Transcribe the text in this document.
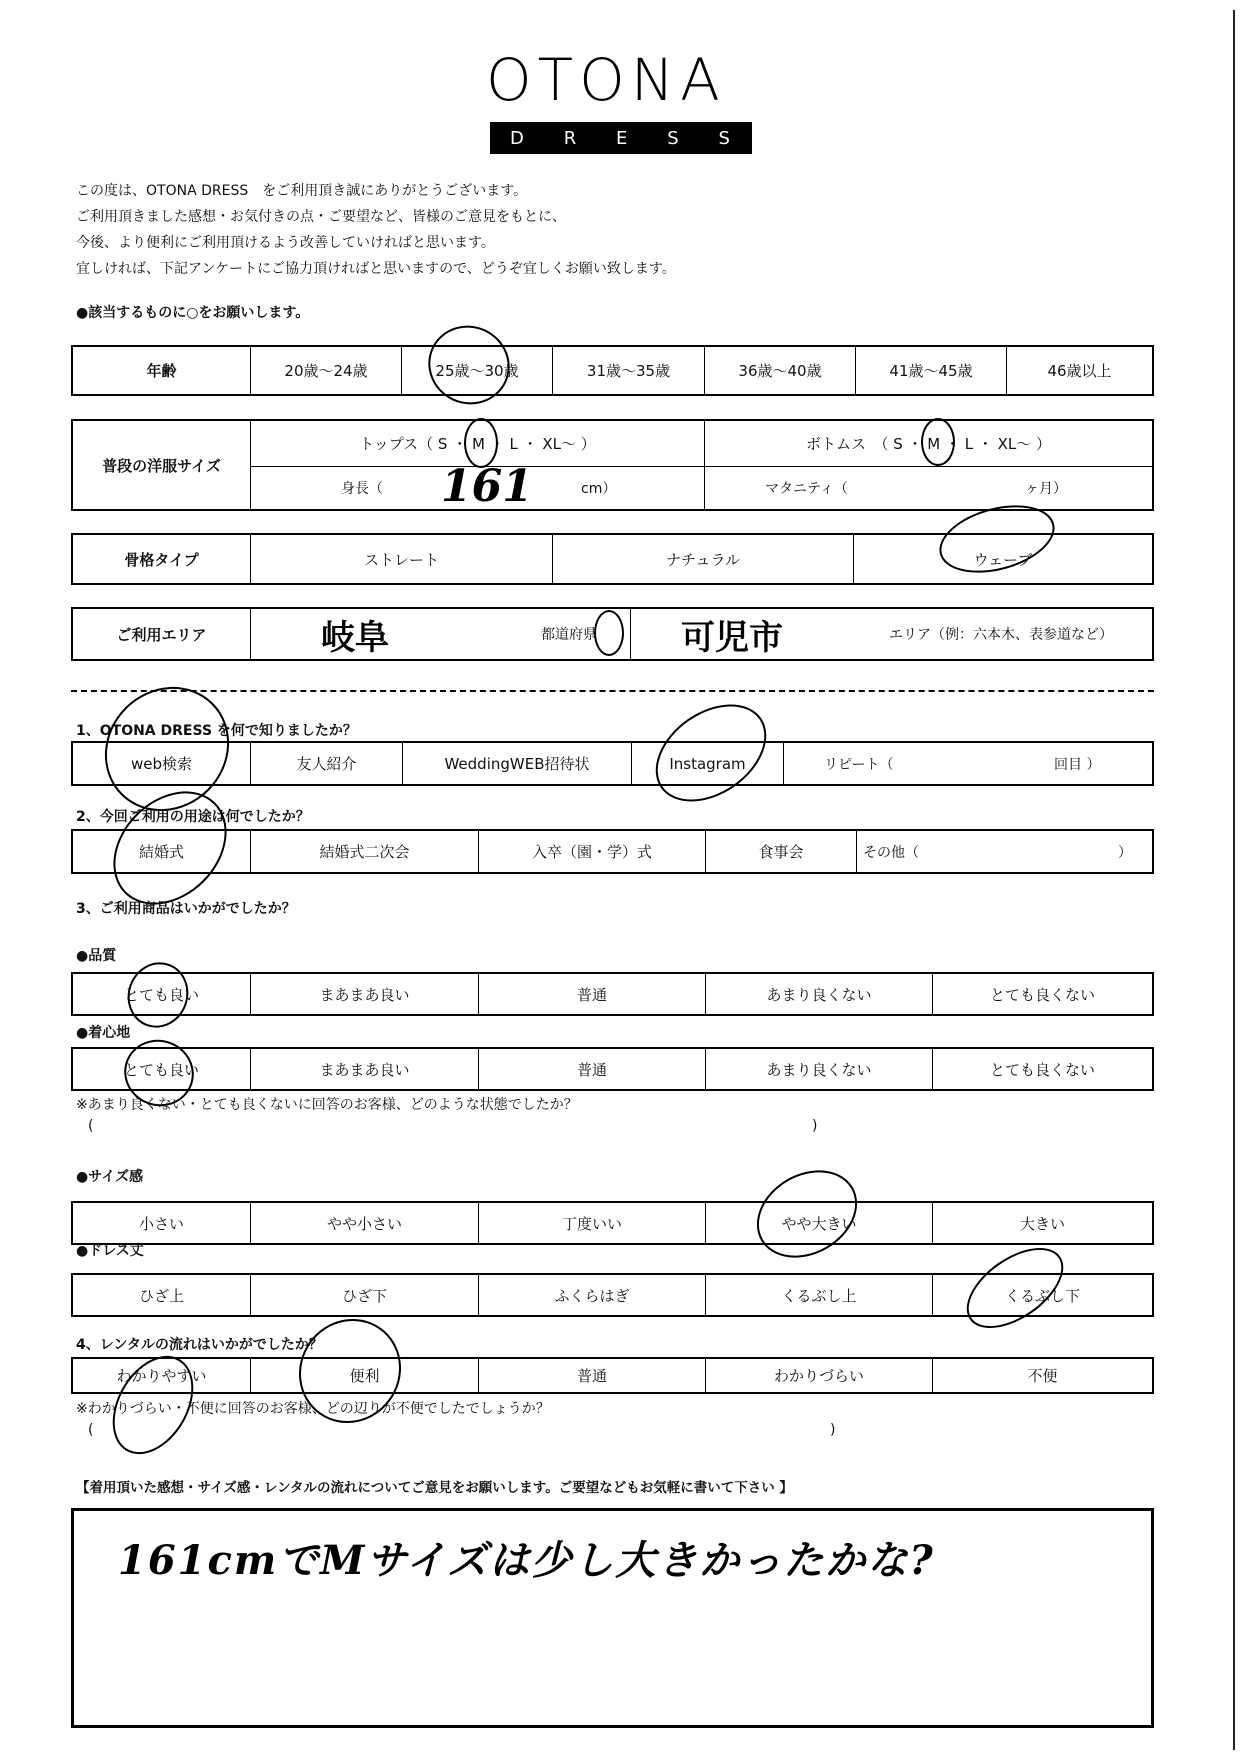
OTONA
D R E S S
この度は、OTONA DRESS　をご利用頂き誠にありがとうございます。
ご利用頂きました感想・お気付きの点・ご要望など、皆様のご意見をもとに、
今後、より便利にご利用頂けるよう改善していければと思います。
宜しければ、下記アンケートにご協力頂ければと思いますので、どうぞ宜しくお願い致します。
●該当するものに○をお願いします。
年齢	20歳～24歳	25歳～30歳	31歳～35歳	36歳～40歳	41歳～45歳	46歳以上
普段の洋服サイズ
トップス（ S ・ M ・ L ・ XL～ ）	ボトムス　（ S ・ M ・ L ・ XL～ ）
身長（ 161	cm）	マタニティ（	ヶ月）
骨格タイプ	ストレート	ナチュラル	ウェーブ
ご利用エリア	岐阜	都道府県 可児市	エリア（例：六本木、表参道など）
1、OTONA DRESS を何で知りましたか？
web検索	友人紹介	WeddingWEB招待状	Instagram	リピート（	回目 ）
2、今回ご利用の用途は何でしたか？
結婚式	結婚式二次会	入卒（園・学）式	食事会	その他（	）
3、ご利用商品はいかがでしたか？
●品質
とても良い	まあまあ良い	普通	あまり良くない	とても良くない
●着心地
とても良い	まあまあ良い	普通	あまり良くない	とても良くない
※あまり良くない・とても良くないに回答のお客様、どのような状態でしたか？
(	)
●サイズ感
小さい	やや小さい	丁度いい	やや大きい	大きい
●ドレス丈
ひざ上	ひざ下	ふくらはぎ	くるぶし上	くるぶし下
4、レンタルの流れはいかがでしたか？
わかりやすい	便利	普通	わかりづらい	不便
※わかりづらい・不便に回答のお客様、どの辺りが不便でしたでしょうか？
(	)
【着用頂いた感想・サイズ感・レンタルの流れについてご意見をお願いします。ご要望などもお気軽に書いて下さい 】
161cmでMサイズは少し大きかったかな?
